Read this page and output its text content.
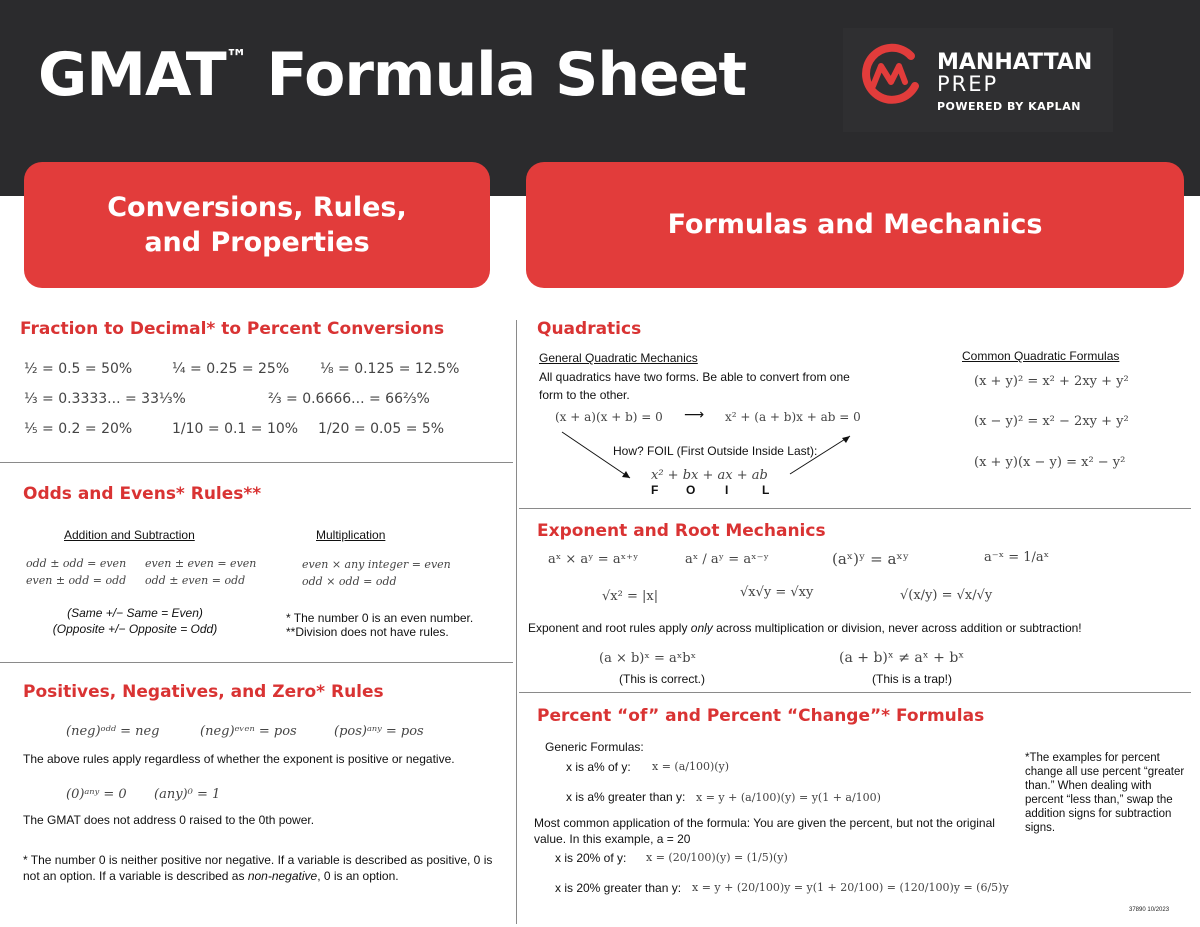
GMAT™ Formula Sheet	MANHATTAN
PREP
POWERED BY KAPLAN
Conversions, Rules,
and Properties
Formulas and Mechanics
Fraction to Decimal* to Percent Conversions
½ = 0.5 = 50%	¼ = 0.25 = 25% ⅛ = 0.125 = 12.5%
⅓ = 0.3333... = 33⅓%	⅔ = 0.6666... = 66⅔%
⅕ = 0.2 = 20%	1/10 = 0.1 = 10% 1/20 = 0.05 = 5%
Odds and Evens* Rules**
Addition and Subtraction	Multiplication
odd ± odd = even even ± even = even
even ± odd = odd odd ± even = odd
even × any integer = even
odd × odd = odd
(Same +/− Same = Even)
(Opposite +/− Opposite = Odd)
* The number 0 is an even number.
**Division does not have rules.
Positives, Negatives, and Zero* Rules
(neg)ᵒᵈᵈ = neg	(neg)ᵉᵛᵉⁿ = pos	(pos)ᵃⁿʸ = pos
The above rules apply regardless of whether the exponent is positive or negative.
(0)ᵃⁿʸ = 0 (any)⁰ = 1
The GMAT does not address 0 raised to the 0th power.
* The number 0 is neither positive nor negative. If a variable is described as positive, 0 is not an option. If a variable is described as non-negative, 0 is an option.
Quadratics
General Quadratic Mechanics
All quadratics have two forms. Be able to convert from one form to the other.
(x + a)(x + b) = 0 ⟶ x² + (a + b)x + ab = 0
How? FOIL (First Outside Inside Last):
x² + bx + ax + ab
F O I	L
Common Quadratic Formulas
(x + y)² = x² + 2xy + y²
(x − y)² = x² − 2xy + y²
(x + y)(x − y) = x² − y²
Exponent and Root Mechanics
aˣ × aʸ = aˣ⁺ʸ	aˣ / aʸ = aˣ⁻ʸ	(aˣ)ʸ = aˣʸ	a⁻ˣ = 1/aˣ
√x² = |x|	√x√y = √xy	√(x/y) = √x/√y
Exponent and root rules apply only across multiplication or division, never across addition or subtraction!
(a × b)ˣ = aˣbˣ
(This is correct.)
(a + b)ˣ ≠ aˣ + bˣ
(This is a trap!)
Percent “of” and Percent “Change”* Formulas
Generic Formulas:
x is a% of y: x = (a/100)(y)
x is a% greater than y: x = y + (a/100)(y) = y(1 + a/100)
Most common application of the formula: You are given the percent, but not the original value. In this example, a = 20
x is 20% of y: x = (20/100)(y) = (1/5)(y)
x is 20% greater than y: x = y + (20/100)y = y(1 + 20/100) = (120/100)y = (6/5)y
*The examples for percent change all use percent “greater than.” When dealing with percent “less than,” swap the addition signs for subtraction signs.
37890 10/2023
